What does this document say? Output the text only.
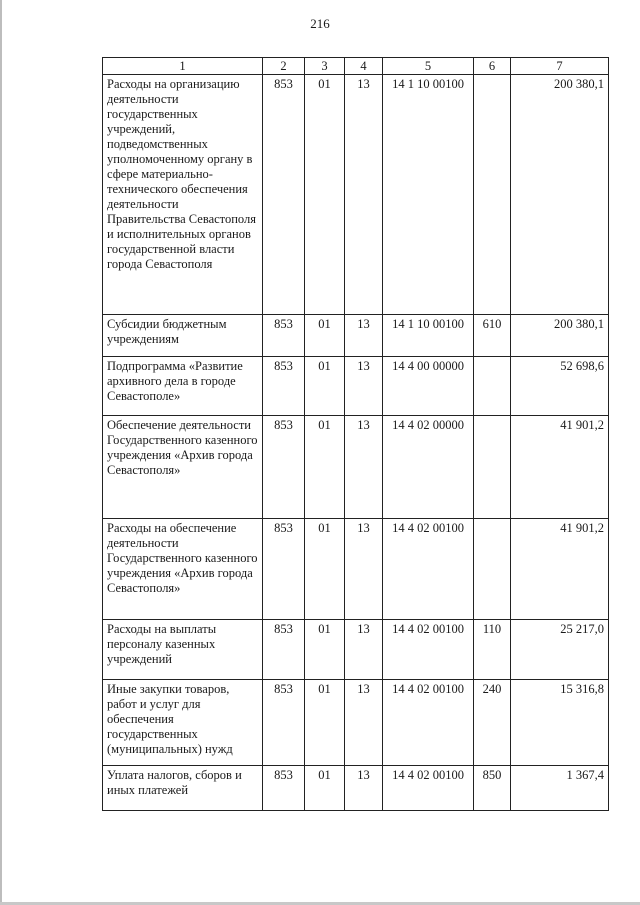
216
1	2	3	4	5	6	7
Расходы на организацию деятельности государственных учреждений, подведомственных уполномоченному органу в сфере материально-технического обеспечения деятельности Правительства Севастополя и исполнительных органов государственной власти города Севастополя	853	01	13	14 1 10 00100		200 380,1
Субсидии бюджетным учреждениям	853	01	13	14 1 10 00100	610	200 380,1
Подпрограмма «Развитие архивного дела в городе Севастополе»	853	01	13	14 4 00 00000		52 698,6
Обеспечение деятельности Государственного казенного учреждения «Архив города Севастополя»	853	01	13	14 4 02 00000		41 901,2
Расходы на обеспечение деятельности Государственного казенного учреждения «Архив города Севастополя»	853	01	13	14 4 02 00100		41 901,2
Расходы на выплаты персоналу казенных учреждений	853	01	13	14 4 02 00100	110	25 217,0
Иные закупки товаров, работ и услуг для обеспечения государственных (муниципальных) нужд	853	01	13	14 4 02 00100	240	15 316,8
Уплата налогов, сборов и иных платежей	853	01	13	14 4 02 00100	850	1 367,4
